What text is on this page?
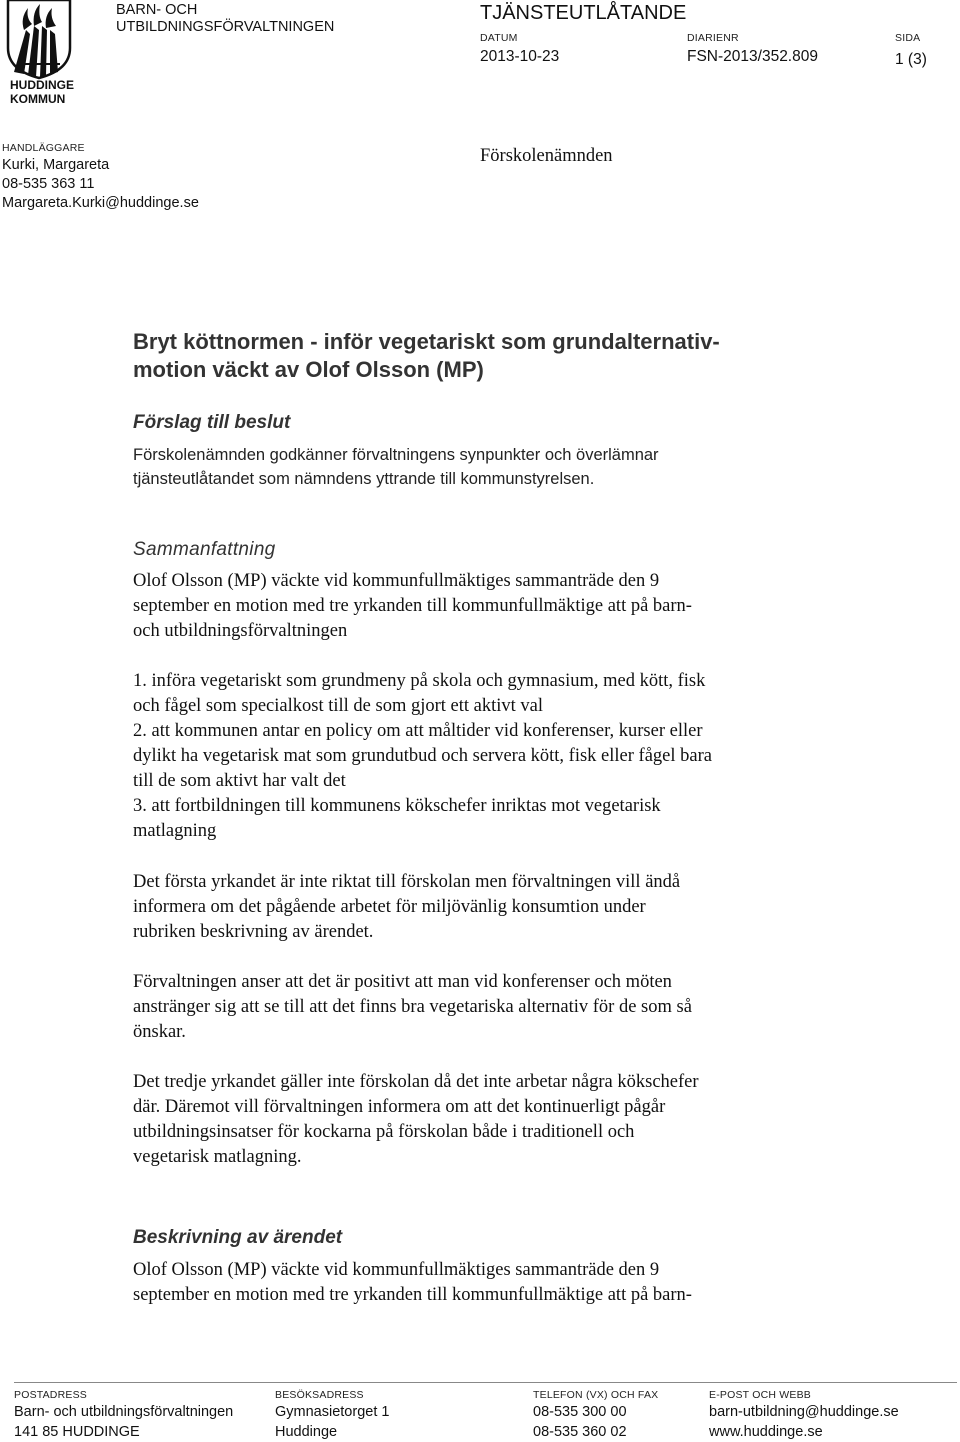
HUDDINGE
KOMMUN
BARN- OCH
UTBILDNINGSFÖRVALTNINGEN
TJÄNSTEUTLÅTANDE
DATUM
2013-10-23
DIARIENR
FSN-2013/352.809
SIDA
1 (3)
HANDLÄGGARE
Kurki, Margareta
08-535 363 11
Margareta.Kurki@huddinge.se
Förskolenämnden
Bryt köttnormen - inför vegetariskt som grundalternativ-
motion väckt av Olof Olsson (MP)
Förslag till beslut
Förskolenämnden godkänner förvaltningens synpunkter och överlämnar
tjänsteutlåtandet som nämndens yttrande till kommunstyrelsen.
Sammanfattning
Olof Olsson (MP) väckte vid kommunfullmäktiges sammanträde den 9
september en motion med tre yrkanden till kommunfullmäktige att på barn-
och utbildningsförvaltningen
1. införa vegetariskt som grundmeny på skola och gymnasium, med kött, fisk
och fågel som specialkost till de som gjort ett aktivt val
2. att kommunen antar en policy om att måltider vid konferenser, kurser eller
dylikt ha vegetarisk mat som grundutbud och servera kött, fisk eller fågel bara
till de som aktivt har valt det
3. att fortbildningen till kommunens kökschefer inriktas mot vegetarisk
matlagning
Det första yrkandet är inte riktat till förskolan men förvaltningen vill ändå
informera om det pågående arbetet för miljövänlig konsumtion under
rubriken beskrivning av ärendet.
Förvaltningen anser att det är positivt att man vid konferenser och möten
anstränger sig att se till att det finns bra vegetariska alternativ för de som så
önskar.
Det tredje yrkandet gäller inte förskolan då det inte arbetar några kökschefer
där. Däremot vill förvaltningen informera om att det kontinuerligt pågår
utbildningsinsatser för kockarna på förskolan både i traditionell och
vegetarisk matlagning.
Beskrivning av ärendet
Olof Olsson (MP) väckte vid kommunfullmäktiges sammanträde den 9
september en motion med tre yrkanden till kommunfullmäktige att på barn-
POSTADRESS
Barn- och utbildningsförvaltningen
141 85 HUDDINGE
BESÖKSADRESS
Gymnasietorget 1
Huddinge
TELEFON (VX) OCH FAX
08-535 300 00
08-535 360 02
E-POST OCH WEBB
barn-utbildning@huddinge.se
www.huddinge.se
